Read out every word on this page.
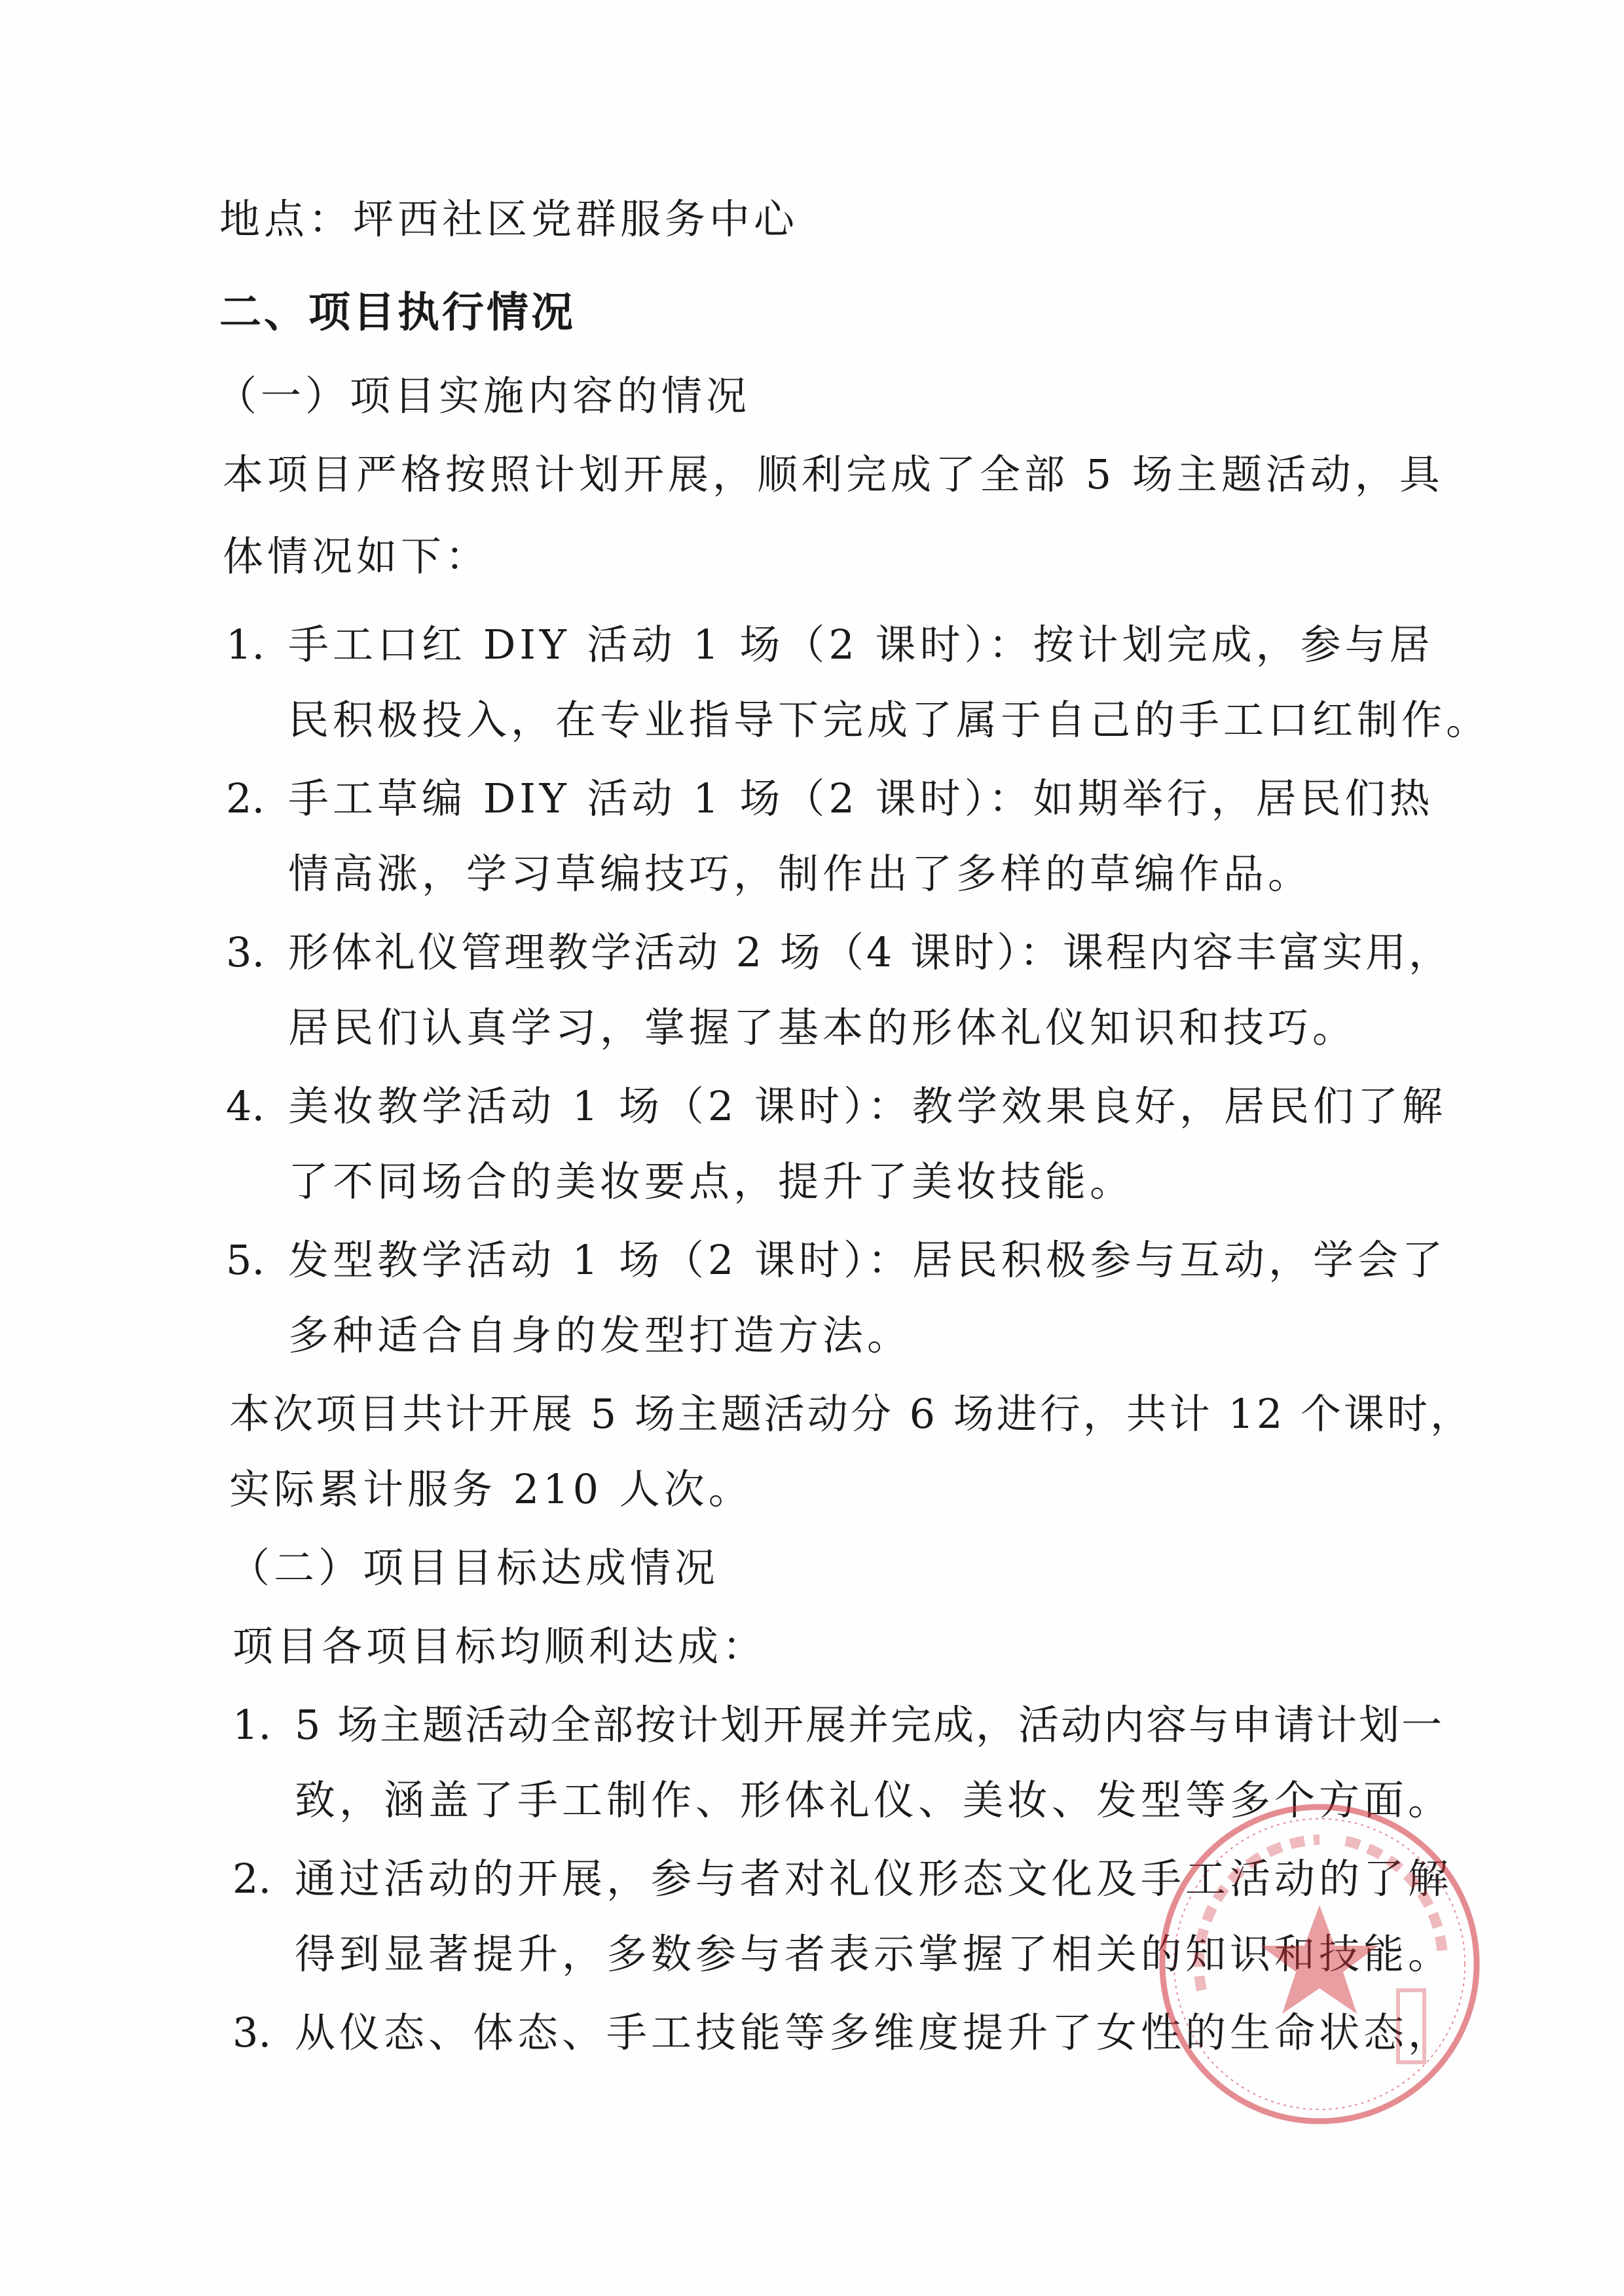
地点：坪西社区党群服务中心
二、项目执行情况
（一）项目实施内容的情况
本项目严格按照计划开展，顺利完成了全部 5 场主题活动，具
体情况如下：
1. 手工口红 DIY 活动 1 场（2 课时）：按计划完成，参与居
民积极投入，在专业指导下完成了属于自己的手工口红制作。
2. 手工草编 DIY 活动 1 场（2 课时）：如期举行，居民们热
情高涨，学习草编技巧，制作出了多样的草编作品。
3. 形体礼仪管理教学活动 2 场（4 课时）：课程内容丰富实用，
居民们认真学习，掌握了基本的形体礼仪知识和技巧。
4. 美妆教学活动 1 场（2 课时）：教学效果良好，居民们了解
了不同场合的美妆要点，提升了美妆技能。
5. 发型教学活动 1 场（2 课时）：居民积极参与互动，学会了
多种适合自身的发型打造方法。
本次项目共计开展 5 场主题活动分 6 场进行，共计 12 个课时，
实际累计服务 210 人次。
（二）项目目标达成情况
项目各项目标均顺利达成：
1. 5 场主题活动全部按计划开展并完成，活动内容与申请计划一
致，涵盖了手工制作、形体礼仪、美妆、发型等多个方面。
2. 通过活动的开展，参与者对礼仪形态文化及手工活动的了解
得到显著提升，多数参与者表示掌握了相关的知识和技能。
3. 从仪态、体态、手工技能等多维度提升了女性的生命状态，
